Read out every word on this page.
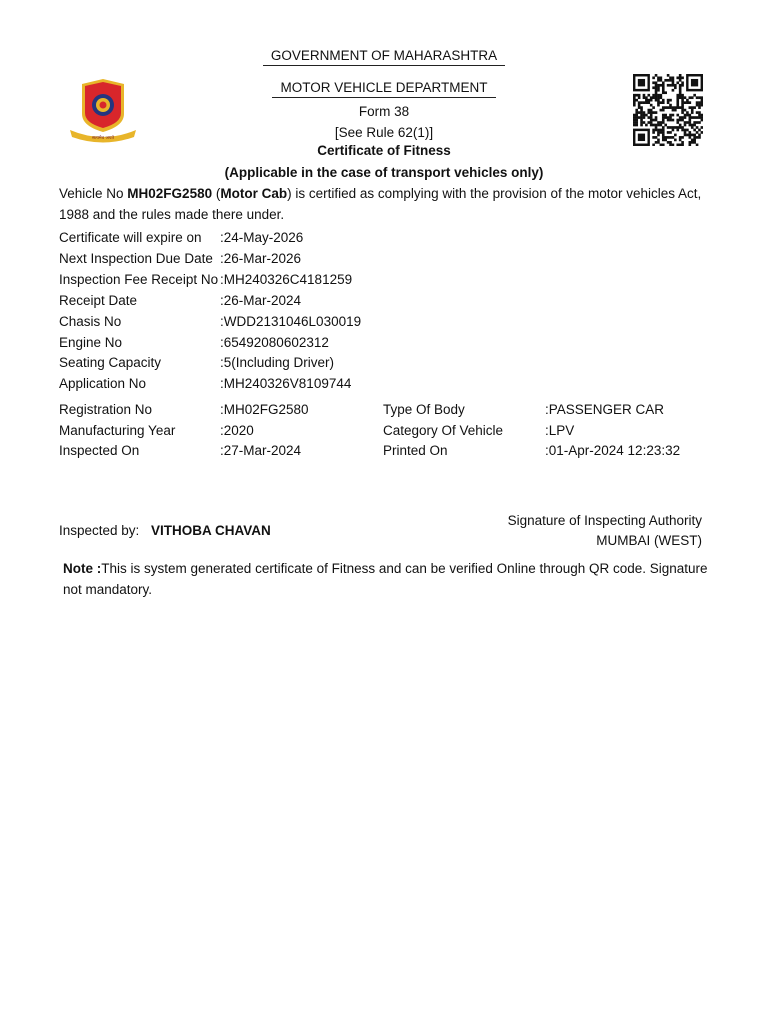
सत्यमेव जयते
GOVERNMENT OF MAHARASHTRA
MOTOR VEHICLE DEPARTMENT
Form 38
[See Rule 62(1)]
Certificate of Fitness
(Applicable in the case of transport vehicles only)
Vehicle No MH02FG2580 (Motor Cab) is certified as complying with the provision of the motor vehicles Act, 1988 and the rules made there under.
Certificate will expire on :24-May-2026
Next Inspection Due Date :26-Mar-2026
Inspection Fee Receipt No :MH240326C4181259
Receipt Date	:26-Mar-2024
Chasis No	:WDD2131046L030019
Engine No	:65492080602312
Seating Capacity	:5(Including Driver)
Application No	:MH240326V8109744
Registration No	:MH02FG2580	Type Of Body	:PASSENGER CAR
Manufacturing Year	:2020	Category Of Vehicle	:LPV
Inspected On	:27-Mar-2024	Printed On	:01-Apr-2024 12:23:32
Inspected by: VITHOBA CHAVAN
Signature of Inspecting Authority
MUMBAI (WEST)
Note :This is system generated certificate of Fitness and can be verified Online through QR code. Signature not mandatory.
